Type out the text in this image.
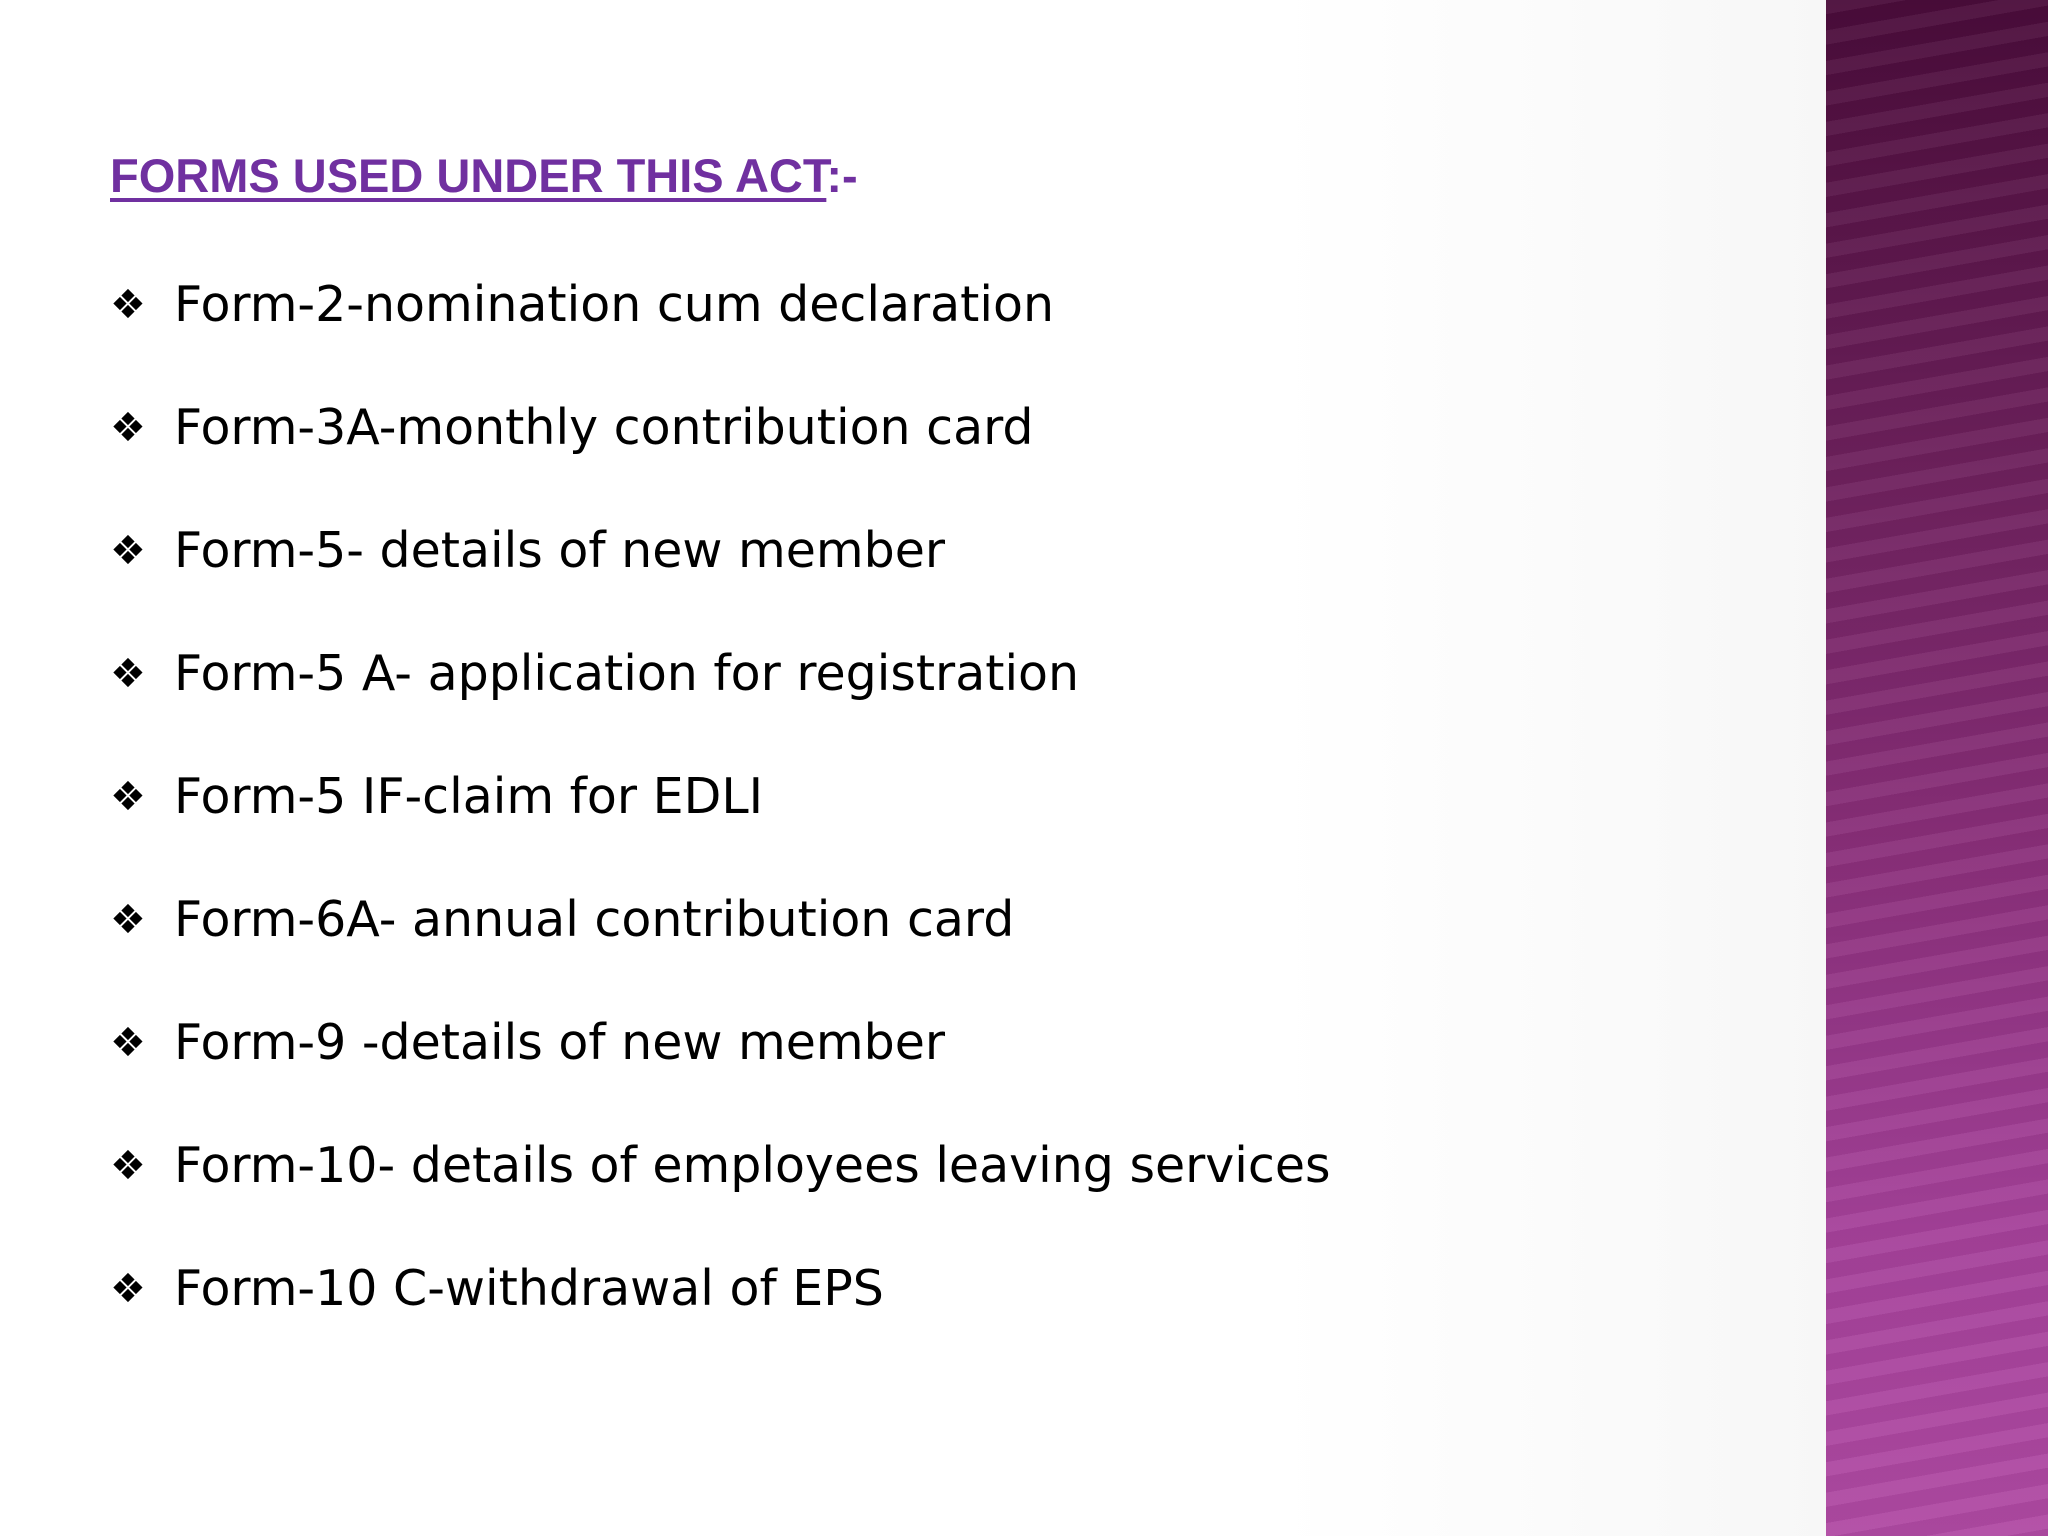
FORMS USED UNDER THIS ACT:-
❖ Form-2-nomination cum declaration
❖ Form-3A-monthly contribution card
❖ Form-5- details of new member
❖ Form-5 A- application for registration
❖ Form-5 IF-claim for EDLI
❖ Form-6A- annual contribution card
❖ Form-9 -details of new member
❖ Form-10- details of employees leaving services
❖ Form-10 C-withdrawal of EPS
